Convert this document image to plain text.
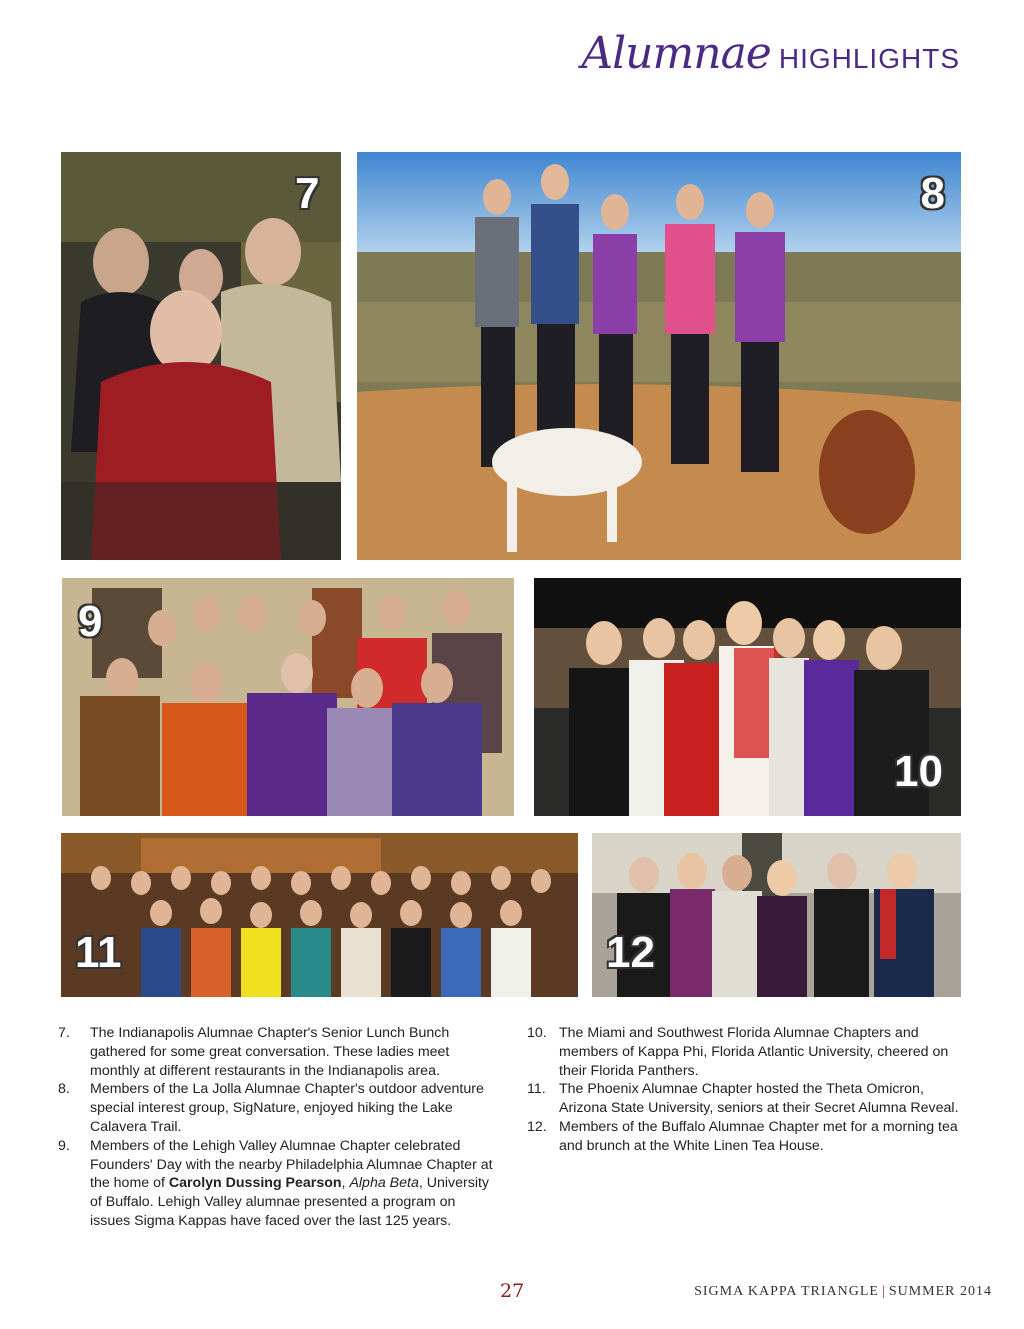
Alumnae HIGHLIGHTS
7	8
9
10
11	12
7.	The Indianapolis Alumnae Chapter's Senior Lunch Bunch gathered for some great conversation. These ladies meet monthly at different restaurants in the Indianapolis area.
8.	Members of the La Jolla Alumnae Chapter's outdoor adventure special interest group, SigNature, enjoyed hiking the Lake Calavera Trail.
9.	Members of the Lehigh Valley Alumnae Chapter celebrated Founders' Day with the nearby Philadelphia Alumnae Chapter at the home of Carolyn Dussing Pearson, Alpha Beta, University of Buffalo. Lehigh Valley alumnae presented a program on issues Sigma Kappas have faced over the last 125 years.
10. The Miami and Southwest Florida Alumnae Chapters and members of Kappa Phi, Florida Atlantic University, cheered on their Florida Panthers.
11. The Phoenix Alumnae Chapter hosted the Theta Omicron, Arizona State University, seniors at their Secret Alumna Reveal.
12. Members of the Buffalo Alumnae Chapter met for a morning tea and brunch at the White Linen Tea House.
27	SIGMA KAPPA TRIANGLE | SUMMER 2014
